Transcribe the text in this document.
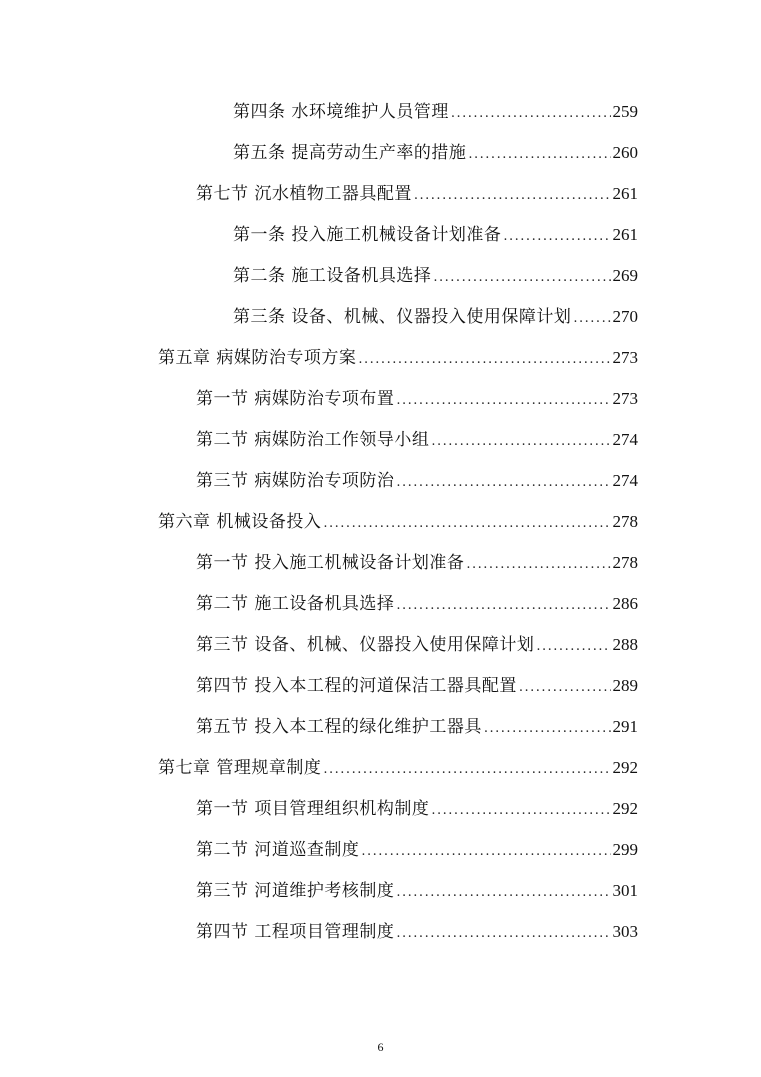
第四条 水环境维护人员管理 .....	259
第五条 提高劳动生产率的措施 .....	260
第七节 沉水植物工器具配置 .....	261
第一条 投入施工机械设备计划准备 .....	261
第二条 施工设备机具选择 .....	269
第三条 设备、机械、仪器投入使用保障计划 ..... 270
第五章 病媒防治专项方案 .....	273
第一节 病媒防治专项布置 .....	273
第二节 病媒防治工作领导小组 .....	274
第三节 病媒防治专项防治 .....	274
第六章 机械设备投入 .....	278
第一节 投入施工机械设备计划准备 .....	278
第二节 施工设备机具选择 .....	286
第三节 设备、机械、仪器投入使用保障计划 .....	288
第四节 投入本工程的河道保洁工器具配置 .....	289
第五节 投入本工程的绿化维护工器具 .....	291
第七章 管理规章制度 .....	292
第一节 项目管理组织机构制度 .....	292
第二节 河道巡查制度 .....	299
第三节 河道维护考核制度 .....	301
第四节 工程项目管理制度 .....	303
6
